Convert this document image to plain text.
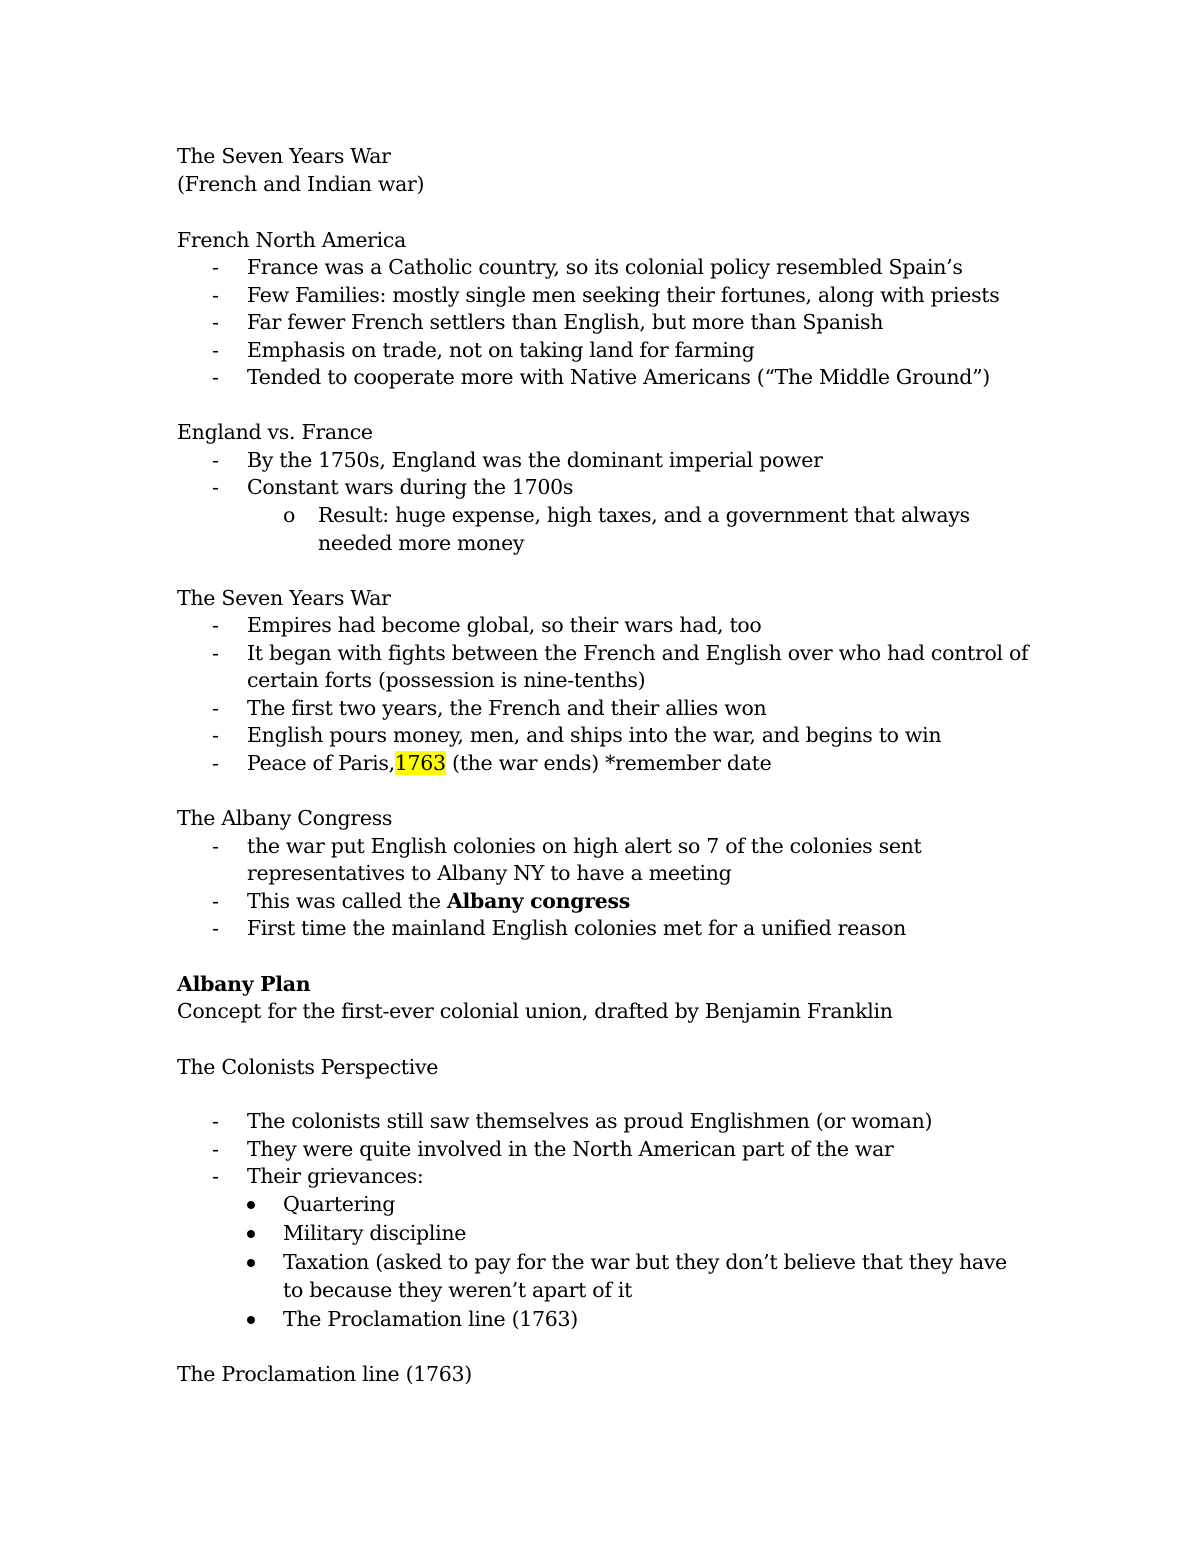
The Seven Years War
(French and Indian war)
French North America
- France was a Catholic country, so its colonial policy resembled Spain’s
- Few Families: mostly single men seeking their fortunes, along with priests
- Far fewer French settlers than English, but more than Spanish
- Emphasis on trade, not on taking land for farming
- Tended to cooperate more with Native Americans (“The Middle Ground”)
England vs. France
- By the 1750s, England was the dominant imperial power
- Constant wars during the 1700s
o Result: huge expense, high taxes, and a government that always
needed more money
The Seven Years War
- Empires had become global, so their wars had, too
- It began with fights between the French and English over who had control of
certain forts (possession is nine-tenths)
- The first two years, the French and their allies won
- English pours money, men, and ships into the war, and begins to win
- Peace of Paris,1763 (the war ends) *remember date
The Albany Congress
- the war put English colonies on high alert so 7 of the colonies sent
representatives to Albany NY to have a meeting
- This was called the Albany congress
- First time the mainland English colonies met for a unified reason
Albany Plan
Concept for the first-ever colonial union, drafted by Benjamin Franklin
The Colonists Perspective
- The colonists still saw themselves as proud Englishmen (or woman)
- They were quite involved in the North American part of the war
- Their grievances:
Quartering
Military discipline
Taxation (asked to pay for the war but they don’t believe that they have
to because they weren’t apart of it
The Proclamation line (1763)
The Proclamation line (1763)
